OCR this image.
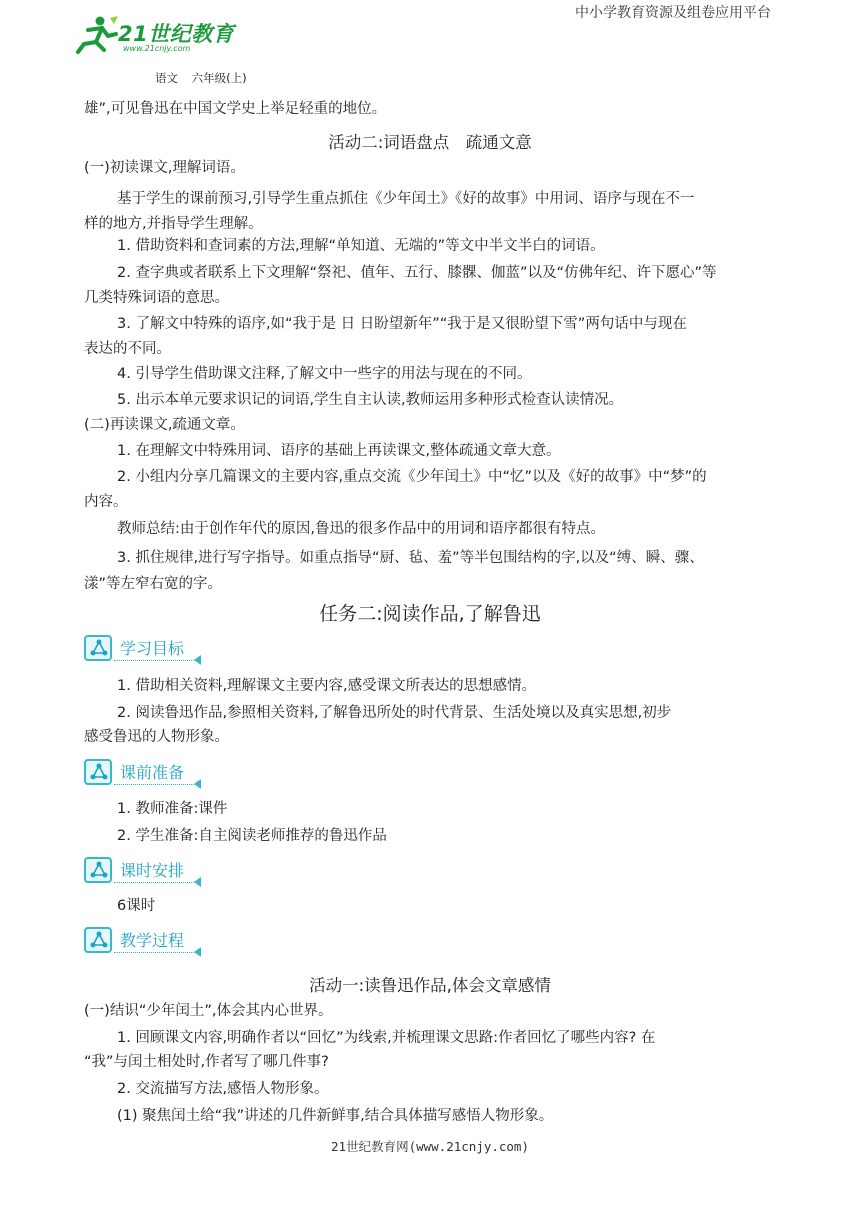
中小学教育资源及组卷应用平台
21世纪教育
www.21cnjy.com
语文 六年级(上)
雄”,可见鲁迅在中国文学史上举足轻重的地位。
活动二:词语盘点　疏通文意
(一)初读课文,理解词语。
基于学生的课前预习,引导学生重点抓住《少年闰土》《好的故事》中用词、语序与现在不一
样的地方,并指导学生理解。
1. 借助资料和查词素的方法,理解“单知道、无端的”等文中半文半白的词语。
2. 查字典或者联系上下文理解“祭祀、值年、五行、膝髁、伽蓝”以及“仿佛年纪、许下愿心”等
几类特殊词语的意思。
3. 了解文中特殊的语序,如“我于是 日 日盼望新年”“我于是又很盼望下雪”两句话中与现在
表达的不同。
4. 引导学生借助课文注释,了解文中一些字的用法与现在的不同。
5. 出示本单元要求识记的词语,学生自主认读,教师运用多种形式检查认读情况。
(二)再读课文,疏通文章。
1. 在理解文中特殊用词、语序的基础上再读课文,整体疏通文章大意。
2. 小组内分享几篇课文的主要内容,重点交流《少年闰土》中“忆”以及《好的故事》中“梦”的
内容。
教师总结:由于创作年代的原因,鲁迅的很多作品中的用词和语序都很有特点。
3. 抓住规律,进行写字指导。如重点指导“厨、毡、羞”等半包围结构的字,以及“缚、瞬、骤、
漾”等左窄右宽的字。
任务二:阅读作品,了解鲁迅
学习目标
1. 借助相关资料,理解课文主要内容,感受课文所表达的思想感情。
2. 阅读鲁迅作品,参照相关资料,了解鲁迅所处的时代背景、生活处境以及真实思想,初步
感受鲁迅的人物形象。
课前准备
1. 教师准备:课件
2. 学生准备:自主阅读老师推荐的鲁迅作品
课时安排
6课时
教学过程
活动一:读鲁迅作品,体会文章感情
(一)结识“少年闰土”,体会其内心世界。
1. 回顾课文内容,明确作者以“回忆”为线索,并梳理课文思路:作者回忆了哪些内容? 在
“我”与闰土相处时,作者写了哪几件事?
2. 交流描写方法,感悟人物形象。
(1) 聚焦闰土给“我”讲述的几件新鲜事,结合具体描写感悟人物形象。
21世纪教育网(www.21cnjy.com)
